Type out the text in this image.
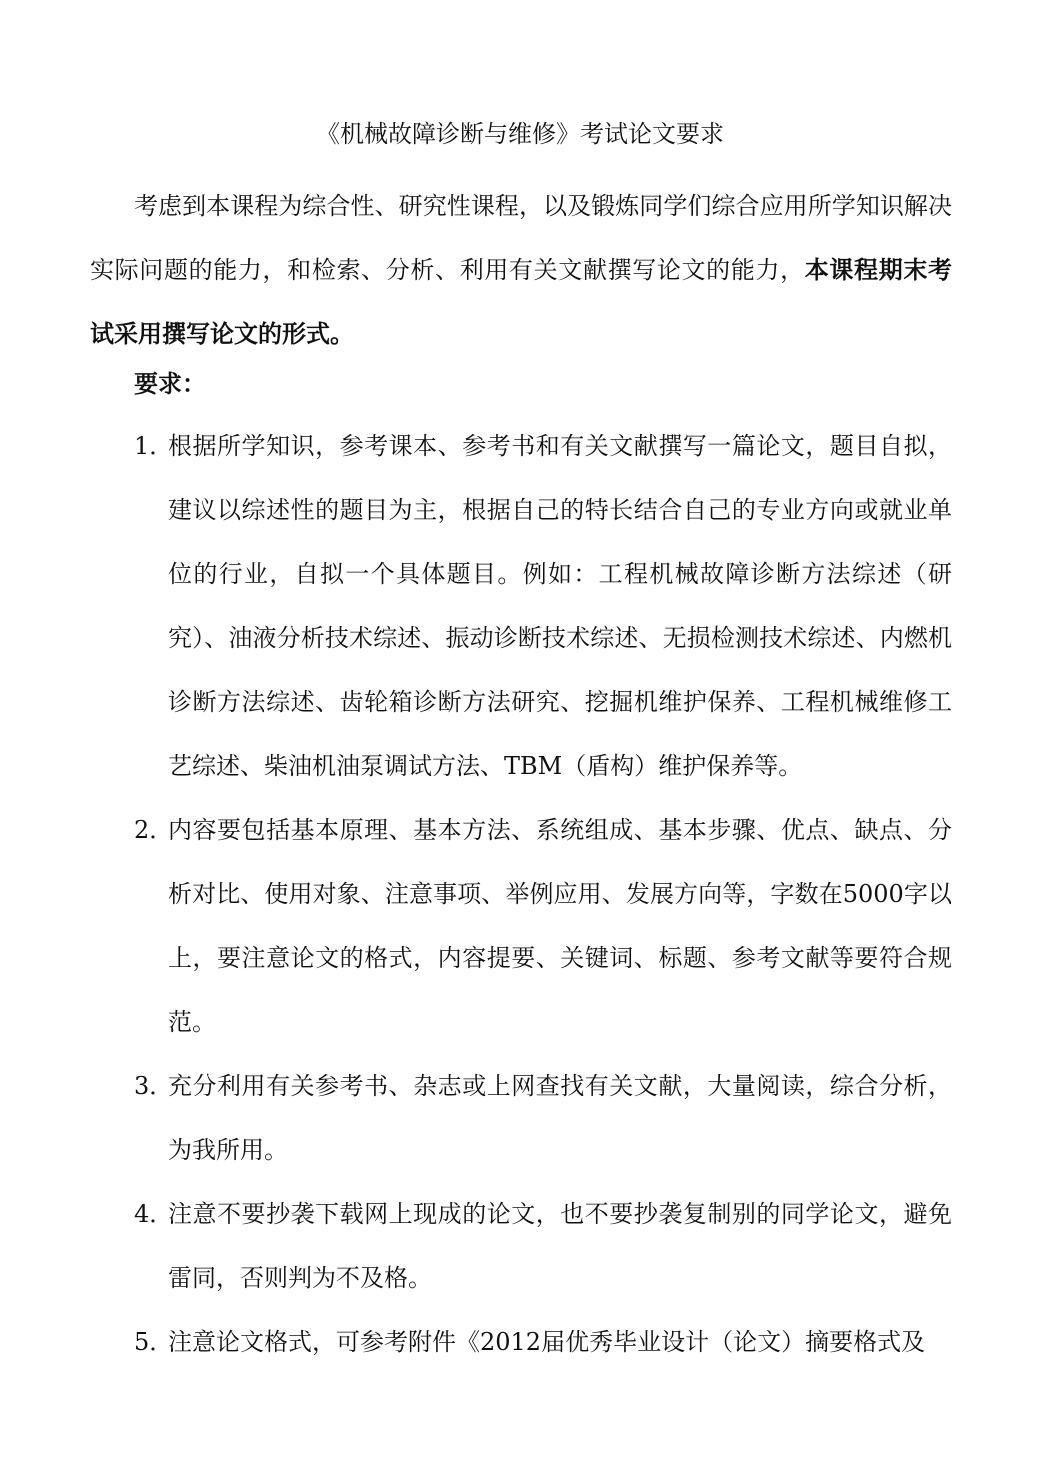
《机械故障诊断与维修》考试论文要求

考虑到本课程为综合性、研究性课程，以及锻炼同学们综合应用所学知识解决实际问题的能力，和检索、分析、利用有关文献撰写论文的能力，本课程期末考试采用撰写论文的形式。

要求：
1．
根据所学知识，参考课本、参考书和有关文献撰写一篇论文，题目自拟，建议以综述性的题目为主，根据自己的特长结合自己的专业方向或就业单位的行业，自拟一个具体题目。例如：工程机械故障诊断方法综述（研究）、油液分析技术综述、振动诊断技术综述、无损检测技术综述、内燃机诊断方法综述、齿轮箱诊断方法研究、挖掘机维护保养、工程机械维修工艺综述、柴油机油泵调试方法、TBM（盾构）维护保养等。
2．
内容要包括基本原理、基本方法、系统组成、基本步骤、优点、缺点、分析对比、使用对象、注意事项、举例应用、发展方向等，字数在5000字以上，要注意论文的格式，内容提要、关键词、标题、参考文献等要符合规范。
3．
充分利用有关参考书、杂志或上网查找有关文献，大量阅读，综合分析，为我所用。
4．
注意不要抄袭下载网上现成的论文，也不要抄袭复制别的同学论文，避免雷同，否则判为不及格。
5．
注意论文格式，可参考附件《2012届优秀毕业设计（论文）摘要格式及
